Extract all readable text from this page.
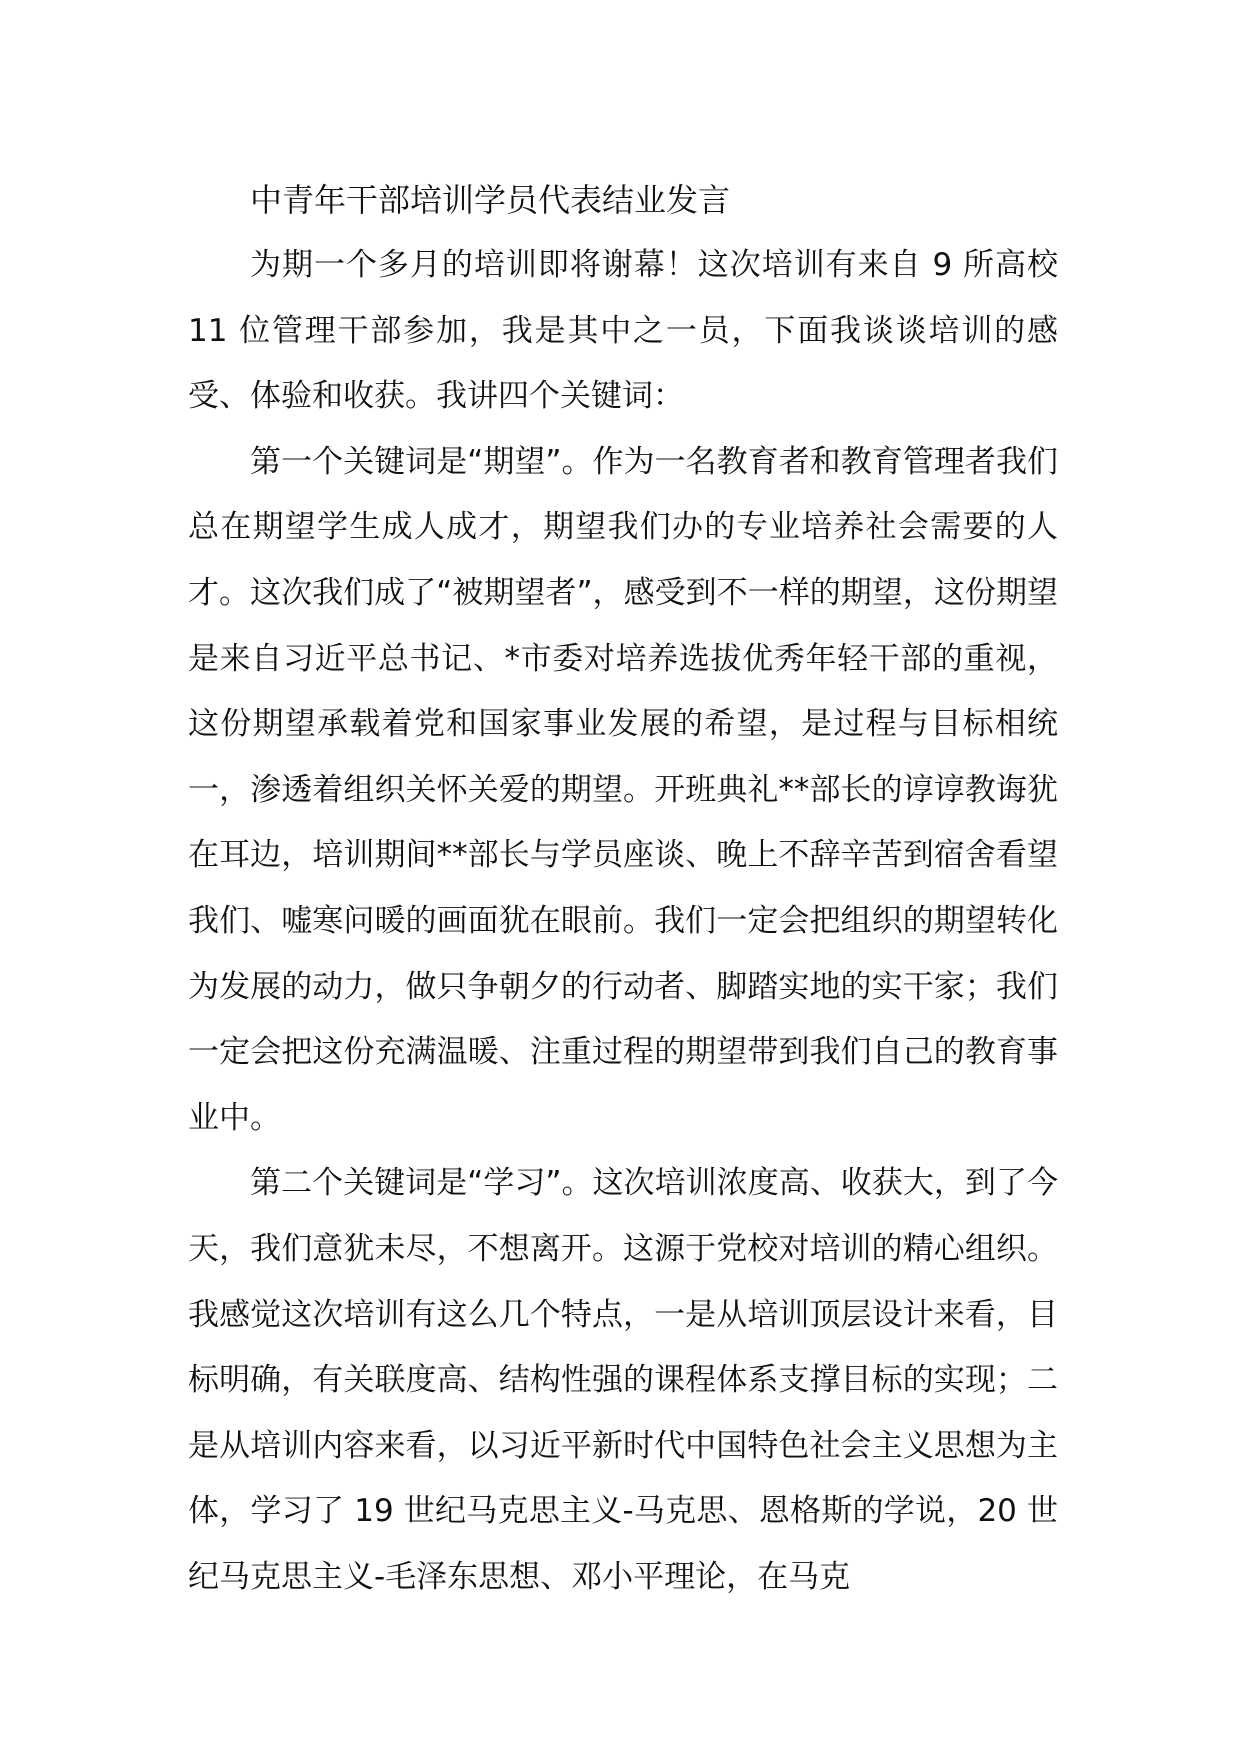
中青年干部培训学员代表结业发言

为期一个多月的培训即将谢幕！这次培训有来自 9 所高校 11 位管理干部参加，我是其中之一员，下面我谈谈培训的感受、体验和收获。我讲四个关键词：

第一个关键词是“期望”。作为一名教育者和教育管理者我们总在期望学生成人成才，期望我们办的专业培养社会需要的人才。这次我们成了“被期望者”，感受到不一样的期望，这份期望是来自习近平总书记、*市委对培养选拔优秀年轻干部的重视，这份期望承载着党和国家事业发展的希望，是过程与目标相统一，渗透着组织关怀关爱的期望。开班典礼**部长的谆谆教诲犹在耳边，培训期间**部长与学员座谈、晚上不辞辛苦到宿舍看望我们、嘘寒问暖的画面犹在眼前。我们一定会把组织的期望转化为发展的动力，做只争朝夕的行动者、脚踏实地的实干家；我们一定会把这份充满温暖、注重过程的期望带到我们自己的教育事业中。

第二个关键词是“学习”。这次培训浓度高、收获大，到了今天，我们意犹未尽，不想离开。这源于党校对培训的精心组织。我感觉这次培训有这么几个特点，一是从培训顶层设计来看，目标明确，有关联度高、结构性强的课程体系支撑目标的实现；二是从培训内容来看，以习近平新时代中国特色社会主义思想为主体，学习了 19 世纪马克思主义-马克思、恩格斯的学说，20 世纪马克思主义-毛泽东思想、邓小平理论，在马克
